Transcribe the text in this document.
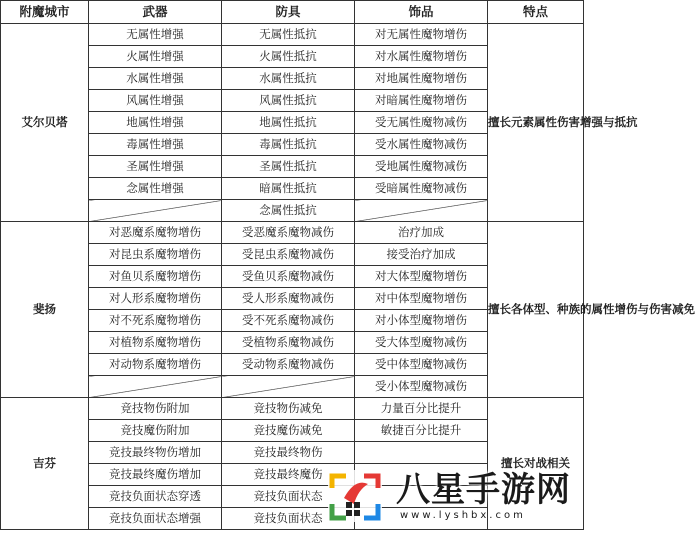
附魔城市	武器	防具	饰品	特点
艾尔贝塔	无属性增强	无属性抵抗	对无属性魔物增伤	擅长元素属性伤害增强与抵抗
	火属性增强	火属性抵抗	对水属性魔物增伤	
	水属性增强	水属性抵抗	对地属性魔物增伤	
	风属性增强	风属性抵抗	对暗属性魔物增伤	
	地属性增强	地属性抵抗	受无属性魔物减伤	
	毒属性增强	毒属性抵抗	受水属性魔物减伤	
	圣属性增强	圣属性抵抗	受地属性魔物减伤	
	念属性增强	暗属性抵抗	受暗属性魔物减伤	
		念属性抵抗		
斐扬	对恶魔系魔物增伤	受恶魔系魔物减伤	治疗加成	擅长各体型、种族的属性增伤与伤害减免
	对昆虫系魔物增伤	受昆虫系魔物减伤	接受治疗加成	
	对鱼贝系魔物增伤	受鱼贝系魔物减伤	对大体型魔物增伤	
	对人形系魔物增伤	受人形系魔物减伤	对中体型魔物增伤	
	对不死系魔物增伤	受不死系魔物减伤	对小体型魔物增伤	
	对植物系魔物增伤	受植物系魔物减伤	受大体型魔物减伤	
	对动物系魔物增伤	受动物系魔物减伤	受中体型魔物减伤	
			受小体型魔物减伤	
吉芬	竞技物伤附加	竞技物伤减免	力量百分比提升	擅长对战相关
	竞技魔伤附加	竞技魔伤减免	敏捷百分比提升	
	竞技最终物伤增加	竞技最终物伤		
	竞技最终魔伤增加	竞技最终魔伤		
	竞技负面状态穿透	竞技负面状态		
	竞技负面状态增强	竞技负面状态		
八星手游网
www.lyshbx.com
